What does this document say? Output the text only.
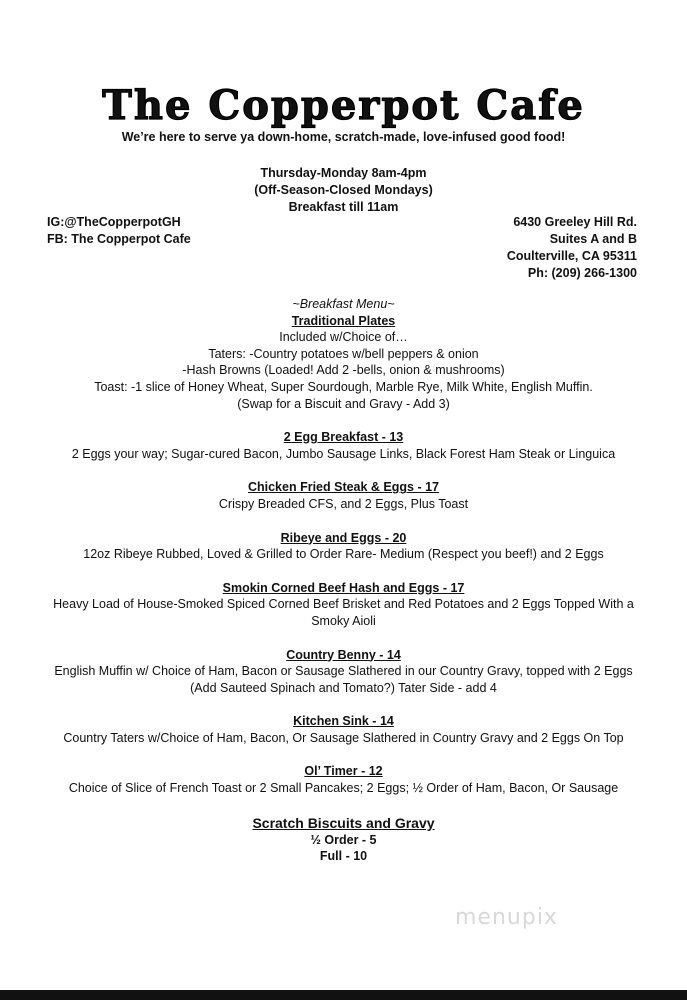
The Copperpot Cafe
We’re here to serve ya down-home, scratch-made, love-infused good food!
Thursday-Monday 8am-4pm
(Off-Season-Closed Mondays)
Breakfast till 11am
IG:@TheCopperpotGH
FB: The Copperpot Cafe
6430 Greeley Hill Rd.
Suites A and B
Coulterville, CA 95311
Ph: (209) 266-1300
~Breakfast Menu~
Traditional Plates
Included w/Choice of…
Taters: -Country potatoes w/bell peppers & onion
-Hash Browns (Loaded! Add 2 -bells, onion & mushrooms)
Toast: -1 slice of Honey Wheat, Super Sourdough, Marble Rye, Milk White, English Muffin.
(Swap for a Biscuit and Gravy - Add 3)
2 Egg Breakfast - 13
2 Eggs your way; Sugar-cured Bacon, Jumbo Sausage Links, Black Forest Ham Steak or Linguica
Chicken Fried Steak & Eggs - 17
Crispy Breaded CFS, and 2 Eggs, Plus Toast
Ribeye and Eggs - 20
12oz Ribeye Rubbed, Loved & Grilled to Order Rare- Medium (Respect you beef!) and 2 Eggs
Smokin Corned Beef Hash and Eggs - 17
Heavy Load of House-Smoked Spiced Corned Beef Brisket and Red Potatoes and 2 Eggs Topped With a Smoky Aioli
Country Benny - 14
English Muffin w/ Choice of Ham, Bacon or Sausage Slathered in our Country Gravy, topped with 2 Eggs
(Add Sauteed Spinach and Tomato?) Tater Side - add 4
Kitchen Sink - 14
Country Taters w/Choice of Ham, Bacon, Or Sausage Slathered in Country Gravy and 2 Eggs On Top
Ol’ Timer - 12
Choice of Slice of French Toast or 2 Small Pancakes; 2 Eggs; ½ Order of Ham, Bacon, Or Sausage
Scratch Biscuits and Gravy
½ Order - 5
Full - 10
menupix
